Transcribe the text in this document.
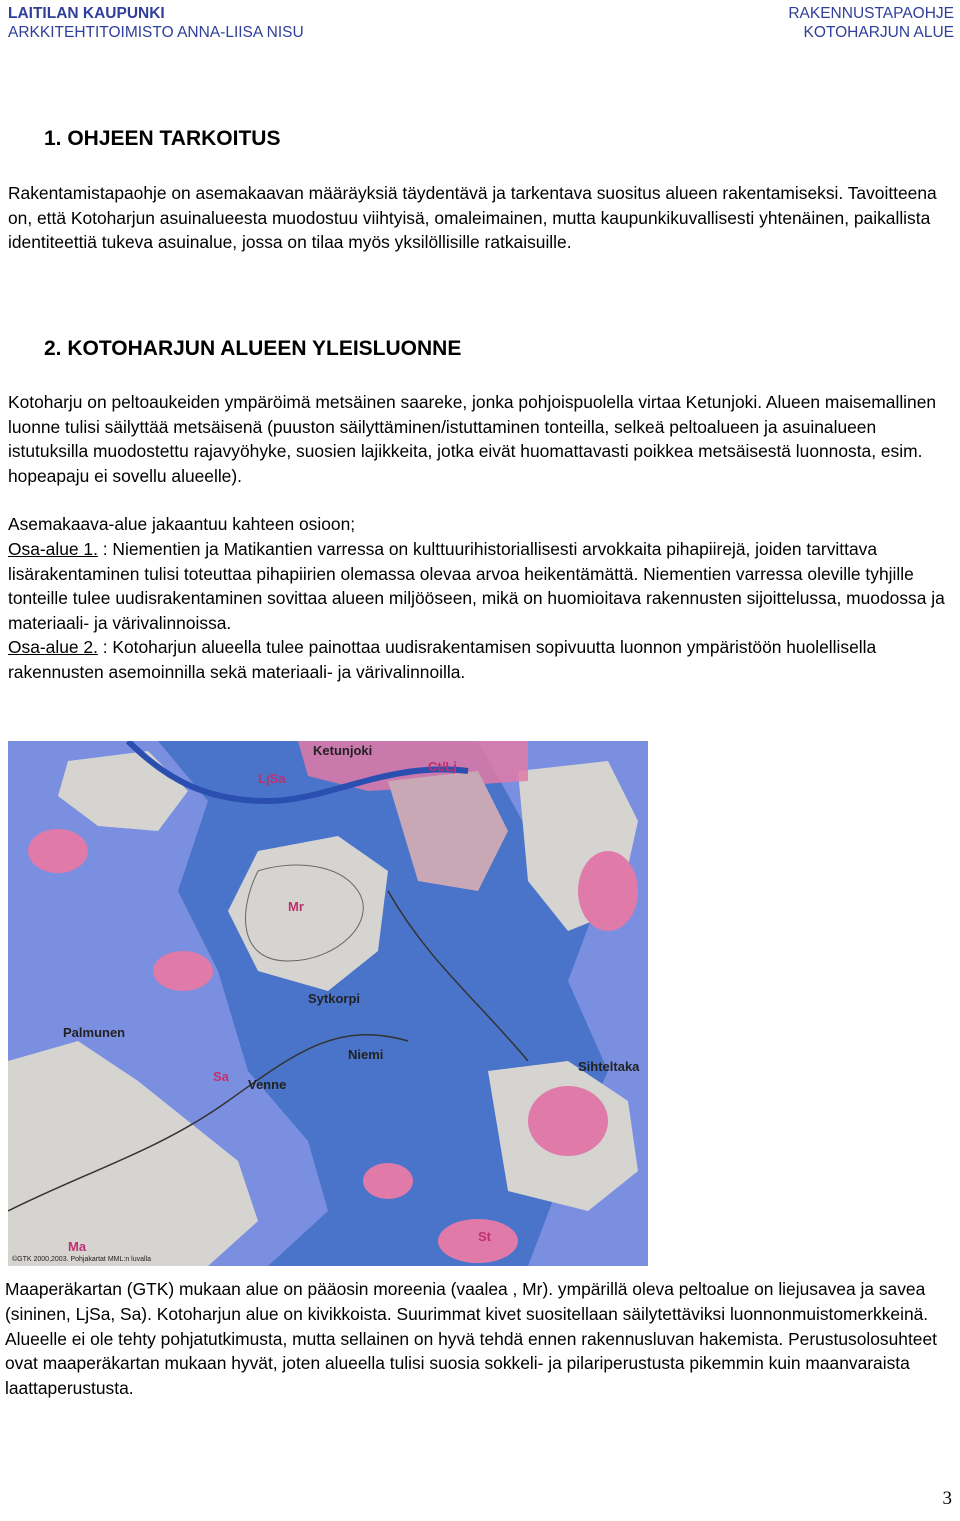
LAITILAN KAUPUNKI
ARKKITEHTITOIMISTO ANNA-LIISA NISU
RAKENNUSTAPAOHJE
KOTOHARJUN ALUE
1. OHJEEN TARKOITUS

Rakentamistapaohje on asemakaavan määräyksiä täydentävä ja tarkentava suositus alueen rakentamiseksi. Tavoitteena on, että Kotoharjun asuinalueesta muodostuu viihtyisä, omaleimainen, mutta kaupunkikuvallisesti yhtenäinen, paikallista identiteettiä tukeva asuinalue, jossa on tilaa myös yksilöllisille ratkaisuille.

2. KOTOHARJUN ALUEEN YLEISLUONNE

Kotoharju on peltoaukeiden ympäröimä metsäinen saareke, jonka pohjoispuolella virtaa Ketunjoki. Alueen maisemallinen luonne tulisi säilyttää metsäisenä (puuston säilyttäminen/istuttaminen tonteilla, selkeä peltoalueen ja asuinalueen istutuksilla muodostettu rajavyöhyke, suosien lajikkeita, jotka eivät huomattavasti poikkea metsäisestä luonnosta, esim. hopeapaju ei sovellu alueelle).

Asemakaava-alue jakaantuu kahteen osioon;

Osa-alue 1. : Niementien ja Matikantien varressa on kulttuurihistoriallisesti arvokkaita pihapiirejä, joiden tarvittava lisärakentaminen tulisi toteuttaa pihapiirien olemassa olevaa arvoa heikentämättä. Niementien varressa oleville tyhjille tonteille tulee uudisrakentaminen sovittaa alueen miljööseen, mikä on huomioitava rakennusten sijoittelussa, muodossa ja materiaali- ja värivalinnoissa.

Osa-alue 2. : Kotoharjun alueella tulee painottaa uudisrakentamisen sopivuutta luonnon ympäristöön huolellisella rakennusten asemoinnilla sekä materiaali- ja värivalinnoilla.

Ketunjoki
Sytkorpi
Niemi
Palmunen
Venne
Sihteltaka
LjSa
Sa
Ct/Lj
Mr
St
Ma
©GTK 2000,2003. Pohjakartat MML:n luvalla
Maaperäkartan (GTK) mukaan alue on pääosin moreenia (vaalea , Mr). ympärillä oleva peltoalue on liejusavea ja savea (sininen, LjSa, Sa). Kotoharjun alue on kivikkoista. Suurimmat kivet suositellaan säilytettäviksi luonnonmuistomerkkeinä. Alueelle ei ole tehty pohjatutkimusta, mutta sellainen on hyvä tehdä ennen rakennusluvan hakemista. Perustusolosuhteet ovat maaperäkartan mukaan hyvät, joten alueella tulisi suosia sokkeli- ja pilariperustusta pikemmin kuin maanvaraista laattaperustusta.
3
